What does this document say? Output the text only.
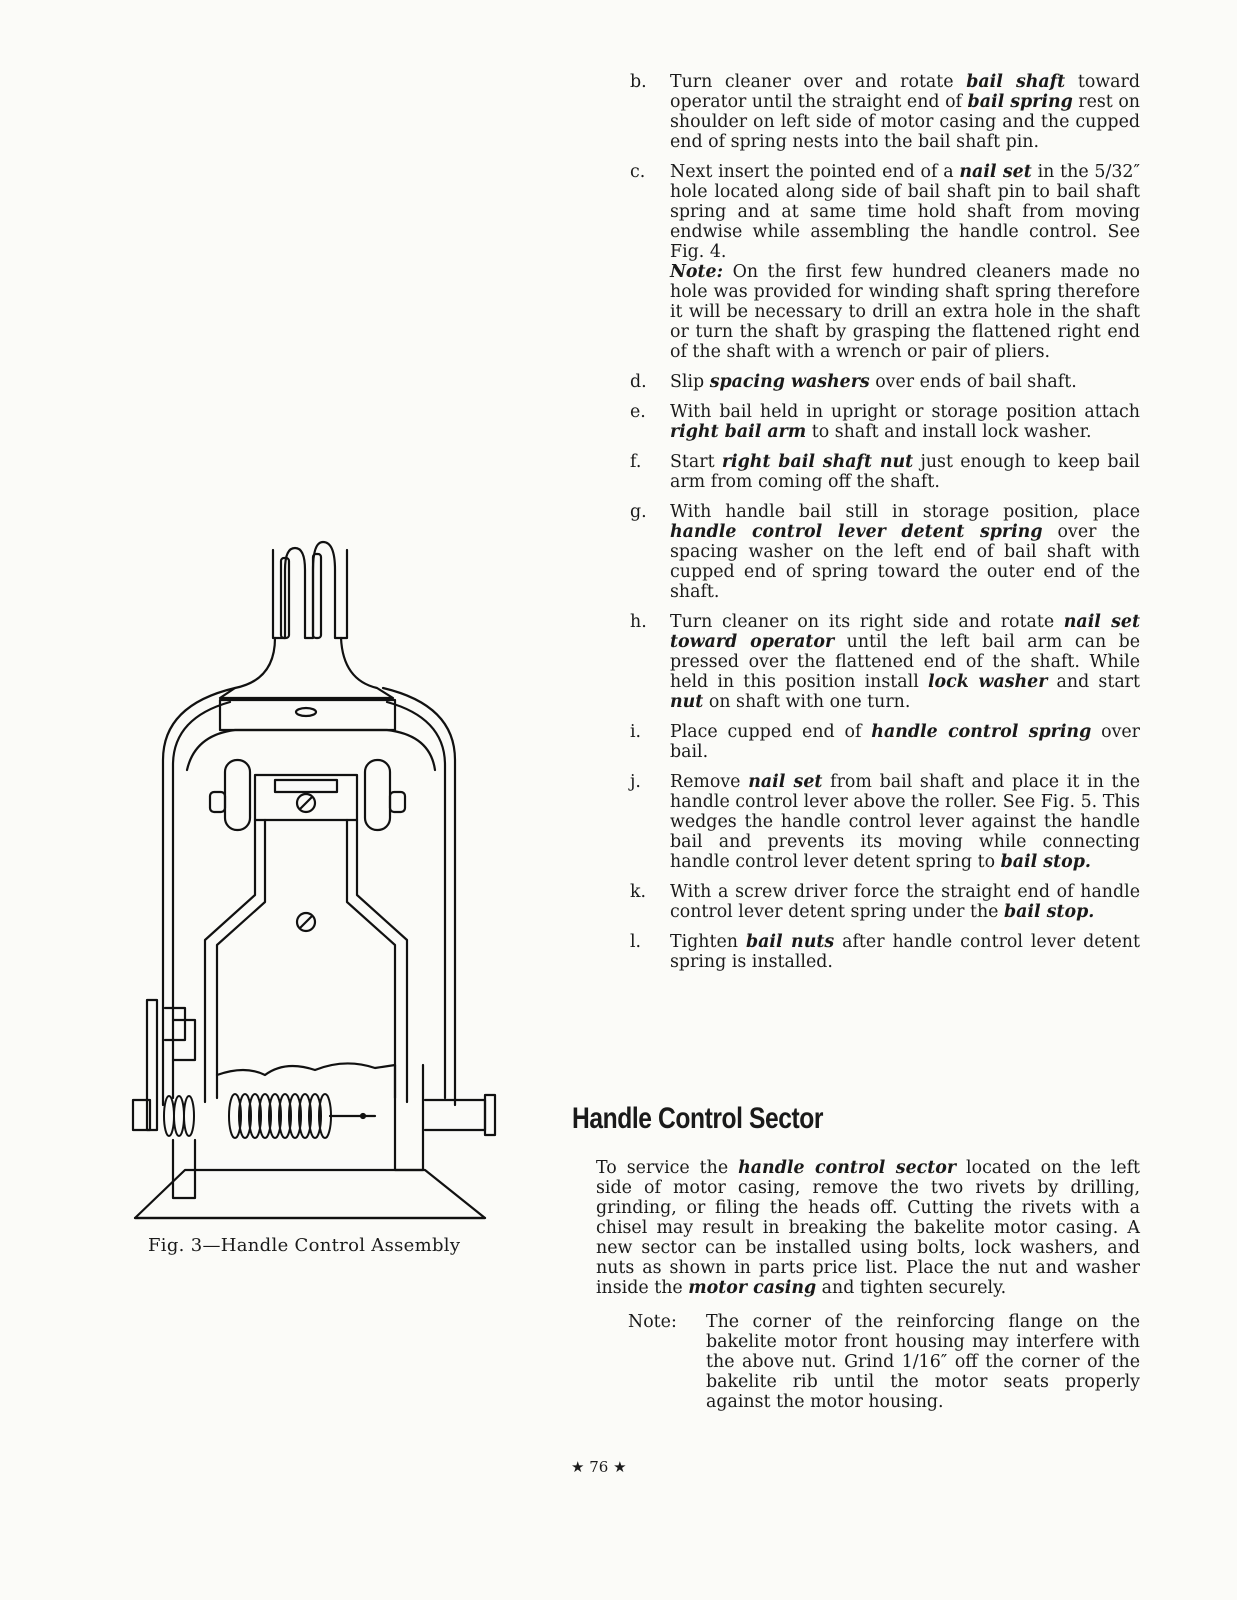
Fig. 3—Handle Control Assembly
b.	Turn cleaner over and rotate bail shaft toward operator until the straight end of bail spring rest on shoulder on left side of motor casing and the cupped end of spring nests into the bail shaft pin.
c.	Next insert the pointed end of a nail set in the 5/32″ hole located along side of bail shaft pin to bail shaft spring and at same time hold shaft from moving endwise while assembling the handle control. See Fig. 4.
Note: On the first few hundred cleaners made no hole was provided for winding shaft spring therefore it will be necessary to drill an extra hole in the shaft or turn the shaft by grasping the flattened right end of the shaft with a wrench or pair of pliers.
d.	Slip spacing washers over ends of bail shaft.
e.	With bail held in upright or storage position attach right bail arm to shaft and install lock washer.
f.	Start right bail shaft nut just enough to keep bail arm from coming off the shaft.
g.	With handle bail still in storage position, place handle control lever detent spring over the spacing washer on the left end of bail shaft with cupped end of spring toward the outer end of the shaft.
h.	Turn cleaner on its right side and rotate nail set toward operator until the left bail arm can be pressed over the flattened end of the shaft. While held in this position install lock washer and start nut on shaft with one turn.
i.	Place cupped end of handle control spring over bail.
j.	Remove nail set from bail shaft and place it in the handle control lever above the roller. See Fig. 5. This wedges the handle control lever against the handle bail and prevents its moving while connecting handle control lever detent spring to bail stop.
k.	With a screw driver force the straight end of handle control lever detent spring under the bail stop.
l.	Tighten bail nuts after handle control lever detent spring is installed.
Handle Control Sector
To service the handle control sector located on the left side of motor casing, remove the two rivets by drilling, grinding, or filing the heads off. Cutting the rivets with a chisel may result in breaking the bakelite motor casing. A new sector can be installed using bolts, lock washers, and nuts as shown in parts price list. Place the nut and washer inside the motor casing and tighten securely.
Note:	The corner of the reinforcing flange on the bakelite motor front housing may interfere with the above nut. Grind 1/16″ off the corner of the bakelite rib until the motor seats properly against the motor housing.
★ 76 ★
